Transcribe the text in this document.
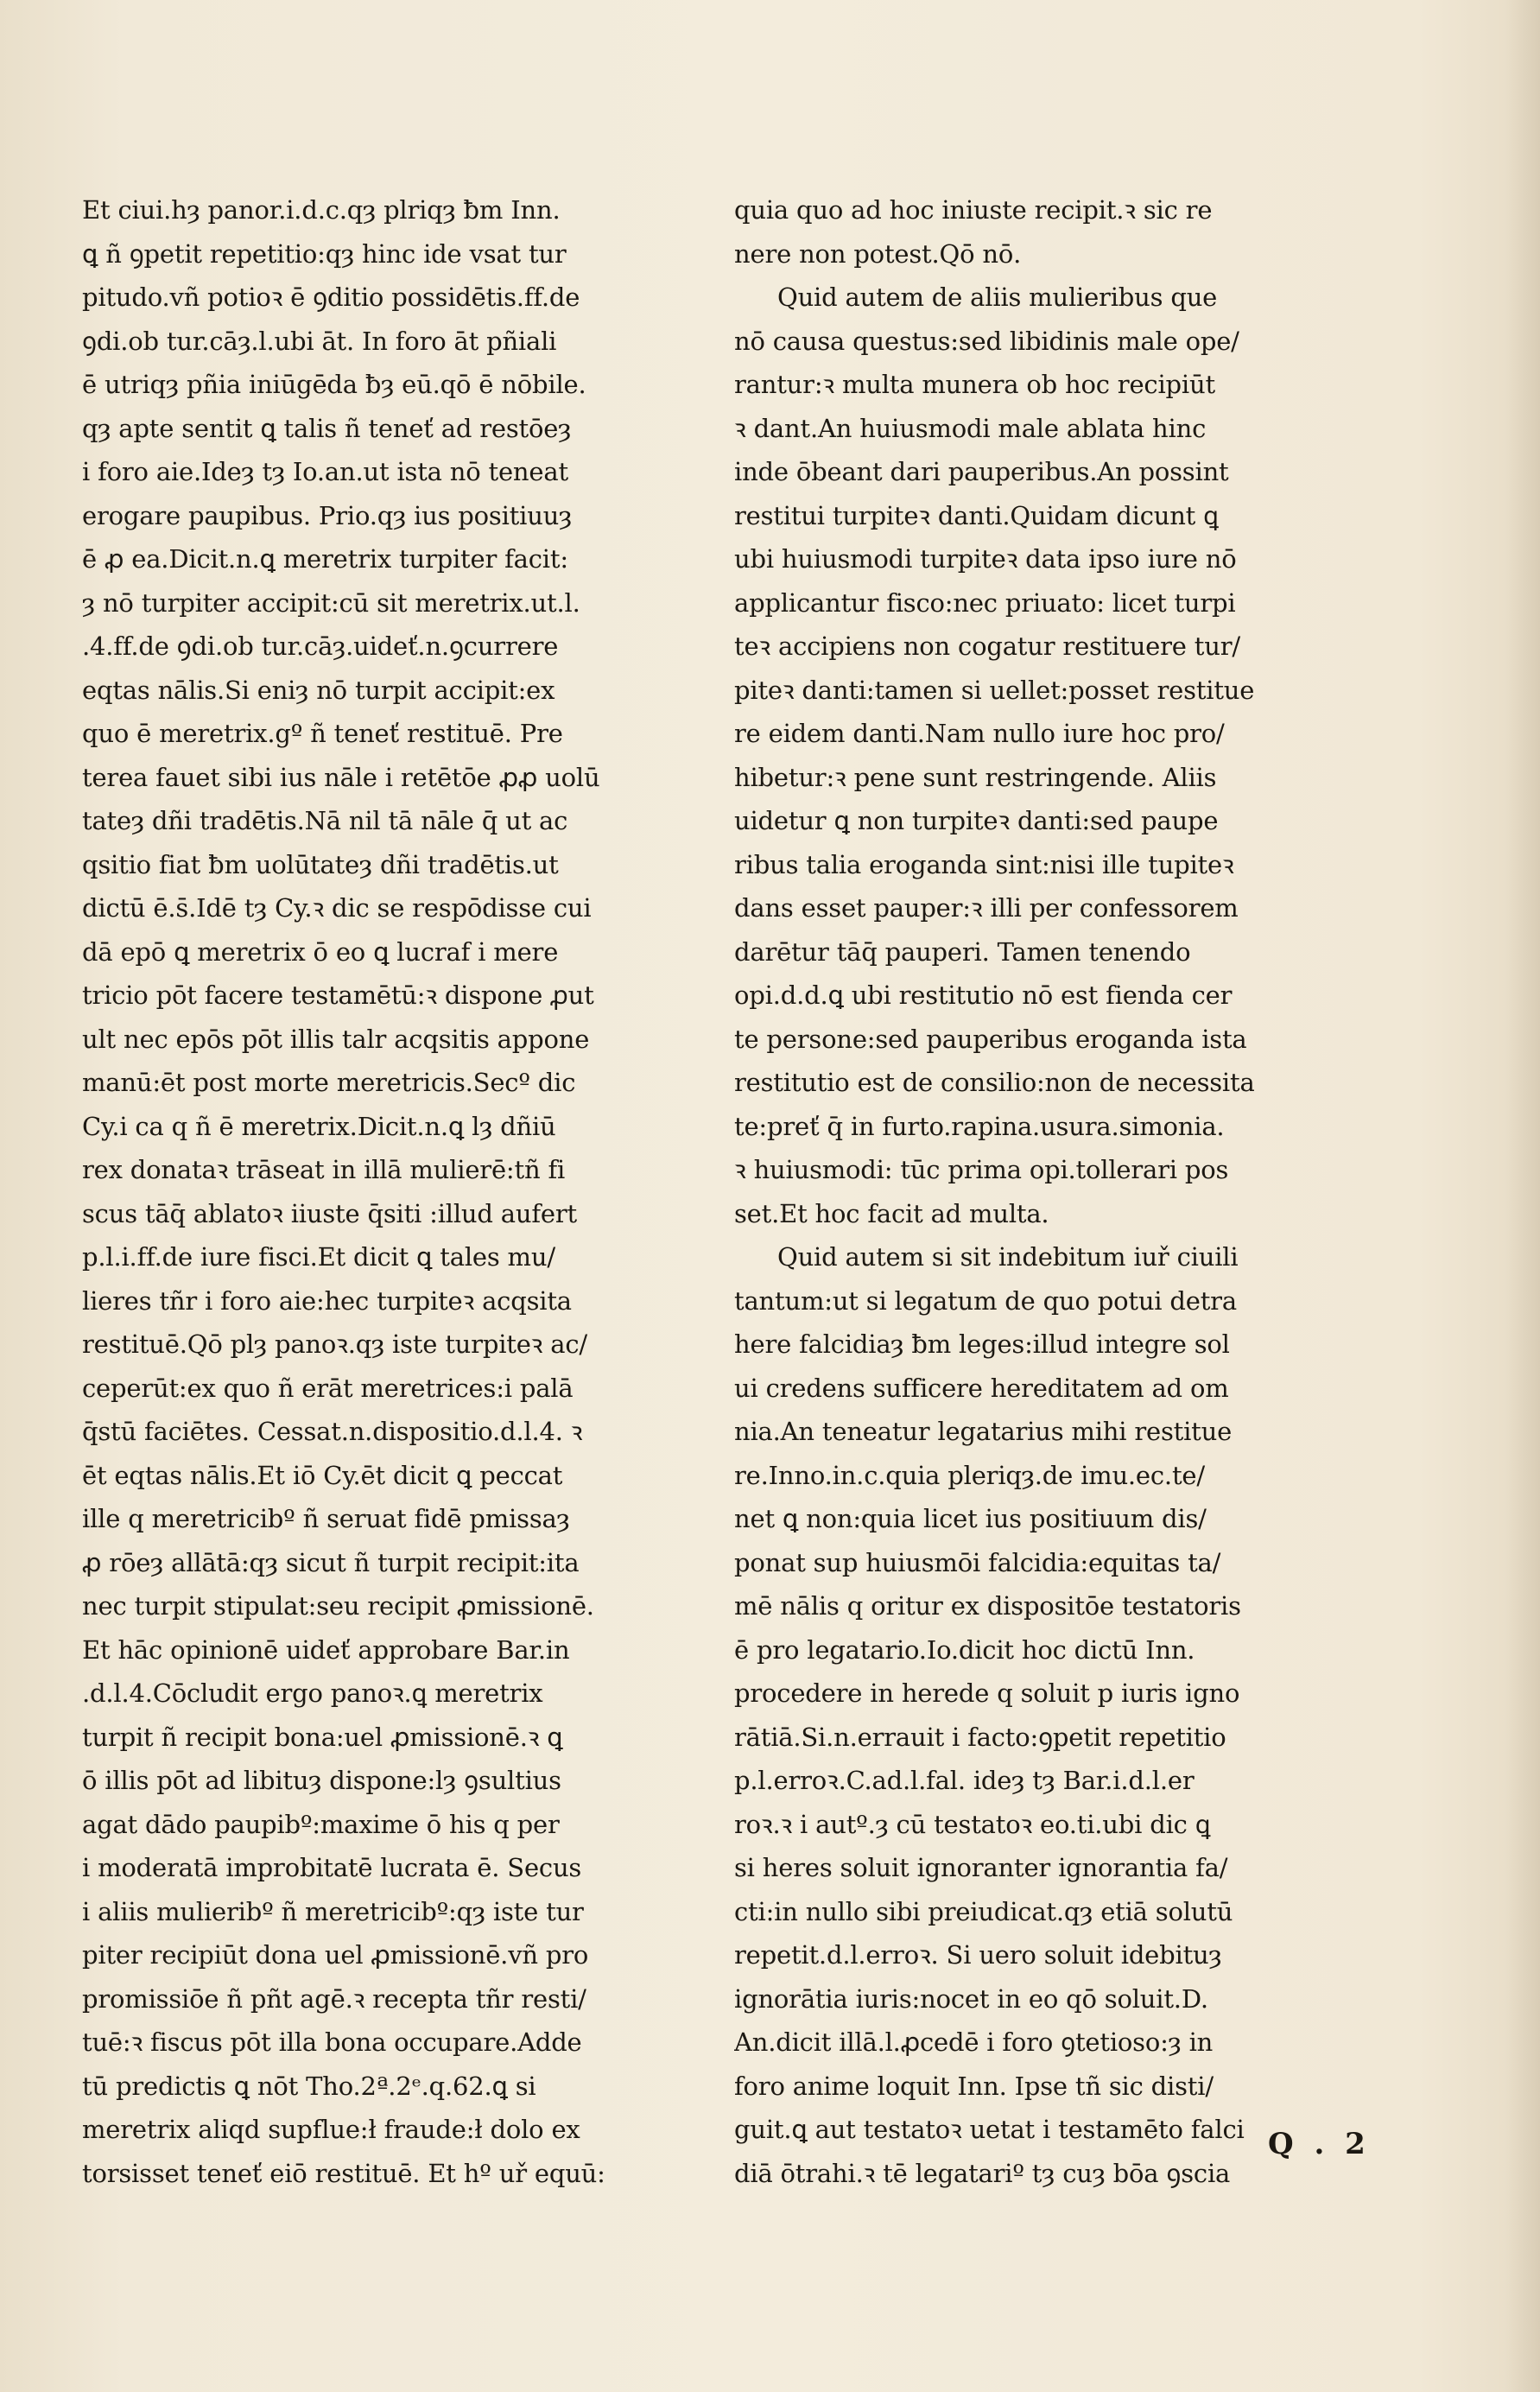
Et ciui.hȝ panor.i.d.c.qȝ plriqȝ ƀm Inn.
ꝗ ñ ꝯpetit repetitio:qȝ hinc ide vsat tur
pitudo.vñ potioꝛ ē ꝯditio possidētis.ff.de
ꝯdi.ob tur.cāȝ.l.ubi āt. In foro āt pñiali
ē utriqȝ pñia iniūgēda ƀȝ eū.qō ē nōbile.
qȝ apte sentit ꝗ talis ñ teneť ad restōeȝ
i foro aie.Ideȝ tȝ Io.an.ut ista nō teneat
erogare paupibus. Prio.qȝ ius positiuuȝ
ē ꝓ ea.Dicit.n.ꝗ meretrix turpiter facit:
ȝ nō turpiter accipit:cū sit meretrix.ut.l.
.4.ff.de ꝯdi.ob tur.cāȝ.uideť.n.ꝯcurrere
eqtas nālis.Si eniȝ nō turpit accipit:ex
quo ē meretrix.gº ñ teneť restituē. Pre
terea fauet sibi ius nāle i retētōe ꝓꝓ uolū
tateȝ dñi tradētis.Nā nil tā nāle q̄ ut ac
qsitio fiat ƀm uolūtateȝ dñi tradētis.ut
dictū ē.s̄.Idē tȝ Cy.ꝛ dic se respōdisse cui
dā epō ꝗ meretrix ō eo ꝗ lucraf i mere
tricio pōt facere testamētū:ꝛ dispone ꝓut
ult nec epōs pōt illis talr acqsitis appone
manū:ēt post morte meretricis.Secº dic
Cy.i ca q ñ ē meretrix.Dicit.n.ꝗ lȝ dñiū
rex donataꝛ trāseat in illā mulierē:tñ fi
scus tāq̄ ablatoꝛ iiuste q̄siti :illud aufert
p.l.i.ff.de iure fisci.Et dicit ꝗ tales mu/
lieres tñr i foro aie:hec turpiteꝛ acqsita
restituē.Qō plȝ panoꝛ.qȝ iste turpiteꝛ ac/
ceperūt:ex quo ñ erāt meretrices:i palā
q̄stū faciētes. Cessat.n.dispositio.d.l.4. ꝛ
ēt eqtas nālis.Et iō Cy.ēt dicit ꝗ peccat
ille q meretricibº ñ seruat fidē pmissaȝ
ꝓ rōeȝ allātā:qȝ sicut ñ turpit recipit:ita
nec turpit stipulat:seu recipit ꝓmissionē.
Et hāc opinionē uideť approbare Bar.in
.d.l.4.Cōcludit ergo panoꝛ.ꝗ meretrix
turpit ñ recipit bona:uel ꝓmissionē.ꝛ ꝗ
ō illis pōt ad libituȝ dispone:lȝ ꝯsultius
agat dādo paupibº:maxime ō his q per
i moderatā improbitatē lucrata ē. Secus
i aliis mulieribº ñ meretricibº:qȝ iste tur
piter recipiūt dona uel ꝓmissionē.vñ pro
promissiōe ñ pñt agē.ꝛ recepta tñr resti/
tuē:ꝛ fiscus pōt illa bona occupare.Adde
tū predictis ꝗ nōt Tho.2ª.2ᵉ.q.62.ꝗ si
meretrix aliqd supflue:ł fraude:ł dolo ex
torsisset teneť eiō restituē. Et hº uř equū:
quia quo ad hoc iniuste recipit.ꝛ sic re
nere non potest.Qō nō.
Quid autem de aliis mulieribus que
nō causa questus:sed libidinis male ope/
rantur:ꝛ multa munera ob hoc recipiūt
ꝛ dant.An huiusmodi male ablata hinc
inde ōbeant dari pauperibus.An possint
restitui turpiteꝛ danti.Quidam dicunt ꝗ
ubi huiusmodi turpiteꝛ data ipso iure nō
applicantur fisco:nec priuato: licet turpi
teꝛ accipiens non cogatur restituere tur/
piteꝛ danti:tamen si uellet:posset restitue
re eidem danti.Nam nullo iure hoc pro/
hibetur:ꝛ pene sunt restringende. Aliis
uidetur ꝗ non turpiteꝛ danti:sed paupe
ribus talia eroganda sint:nisi ille tupiteꝛ
dans esset pauper:ꝛ illi per confessorem
darētur tāq̄ pauperi. Tamen tenendo
opi.d.d.ꝗ ubi restitutio nō est fienda cer
te persone:sed pauperibus eroganda ista
restitutio est de consilio:non de necessita
te:preť q̄ in furto.rapina.usura.simonia.
ꝛ huiusmodi: tūc prima opi.tollerari pos
set.Et hoc facit ad multa.
Quid autem si sit indebitum iuř ciuili
tantum:ut si legatum de quo potui detra
here falcidiaȝ ƀm leges:illud integre sol
ui credens sufficere hereditatem ad om
nia.An teneatur legatarius mihi restitue
re.Inno.in.c.quia pleriqȝ.de imu.ec.te/
net ꝗ non:quia licet ius positiuum dis/
ponat sup huiusmōi falcidia:equitas ta/
mē nālis q oritur ex dispositōe testatoris
ē pro legatario.Io.dicit hoc dictū Inn.
procedere in herede q soluit p iuris igno
rātiā.Si.n.errauit i facto:ꝯpetit repetitio
p.l.erroꝛ.C.ad.l.fal. ideȝ tȝ Bar.i.d.l.er
roꝛ.ꝛ i autº.ȝ cū testatoꝛ eo.ti.ubi dic ꝗ
si heres soluit ignoranter ignorantia fa/
cti:in nullo sibi preiudicat.qȝ etiā solutū
repetit.d.l.erroꝛ. Si uero soluit idebituȝ
ignorātia iuris:nocet in eo qō soluit.D.
An.dicit illā.l.ꝓcedē i foro ꝯtetioso:ȝ in
foro anime loquit Inn. Ipse tñ sic disti/
guit.ꝗ aut testatoꝛ uetat i testamēto falci
diā ōtrahi.ꝛ tē legatariº tȝ cuȝ bōa ꝯscia
Q . 2
